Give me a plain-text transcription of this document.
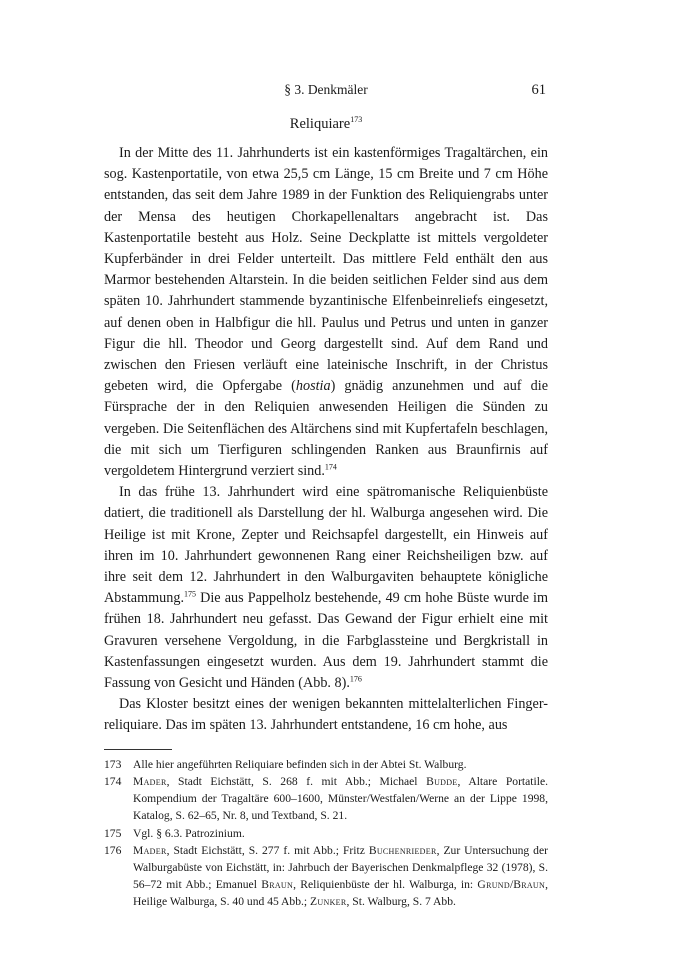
§ 3. Denkmäler	61
Reliquiare$^{173}$

In der Mitte des 11. Jahrhunderts ist ein kastenförmiges Tragaltärchen, ein sog. Kastenportatile, von etwa 25,5 cm Länge, 15 cm Breite und 7 cm Höhe entstanden, das seit dem Jahre 1989 in der Funktion des Reliquiengrabs unter der Mensa des heutigen Chorkapellenaltars angebracht ist. Das Kastenportatile besteht aus Holz. Seine Deckplatte ist mittels vergoldeter Kupferbänder in drei Felder unterteilt. Das mittlere Feld enthält den aus Marmor bestehenden Altarstein. In die beiden seitlichen Felder sind aus dem späten 10. Jahrhundert stammende byzantinische Elfenbeinreliefs eingesetzt, auf denen oben in Halbfigur die hll. Paulus und Petrus und unten in ganzer Figur die hll. Theodor und Georg dargestellt sind. Auf dem Rand und zwischen den Friesen verläuft eine lateinische Inschrift, in der Christus gebeten wird, die Opfergabe (hostia) gnädig anzunehmen und auf die Fürsprache der in den Reliquien anwesenden Heiligen die Sünden zu vergeben. Die Seitenflächen des Altärchens sind mit Kupfertafeln beschlagen, die mit sich um Tierfiguren schlingenden Ranken aus Braunfirnis auf vergoldetem Hintergrund verziert sind.$^{174}$

In das frühe 13. Jahrhundert wird eine spätromanische Reliquienbüste datiert, die traditionell als Darstellung der hl. Walburga angesehen wird. Die Heilige ist mit Krone, Zepter und Reichsapfel dargestellt, ein Hinweis auf ihren im 10. Jahrhundert gewonnenen Rang einer Reichsheiligen bzw. auf ihre seit dem 12. Jahrhundert in den Walburgaviten behauptete königliche Abstammung.$^{175}$ Die aus Pappelholz bestehende, 49 cm hohe Büste wurde im frühen 18. Jahrhundert neu gefasst. Das Gewand der Figur erhielt eine mit Gravuren versehene Vergoldung, in die Farbglassteine und Bergkristall in Kastenfassungen eingesetzt wurden. Aus dem 19. Jahrhundert stammt die Fassung von Gesicht und Händen (Abb. 8).$^{176}$

Das Kloster besitzt eines der wenigen bekannten mittelalterlichen Finger-reliquiare. Das im späten 13. Jahrhundert entstandene, 16 cm hohe, aus

173	Alle hier angeführten Reliquiare befinden sich in der Abtei St. Walburg.
174	Mader, Stadt Eichstätt, S. 268 f. mit Abb.; Michael Budde, Altare Portatile. Kompendium der Tragaltäre 600–1600, Münster/Westfalen/Werne an der Lippe 1998, Katalog, S. 62–65, Nr. 8, und Textband, S. 21.
175	Vgl. § 6.3. Patrozinium.
176	Mader, Stadt Eichstätt, S. 277 f. mit Abb.; Fritz Buchenrieder, Zur Untersuchung der Walburgabüste von Eichstätt, in: Jahrbuch der Bayerischen Denkmalpflege 32 (1978), S. 56–72 mit Abb.; Emanuel Braun, Reliquienbüste der hl. Walburga, in: Grund/Braun, Heilige Walburga, S. 40 und 45 Abb.; Zunker, St. Walburg, S. 7 Abb.
